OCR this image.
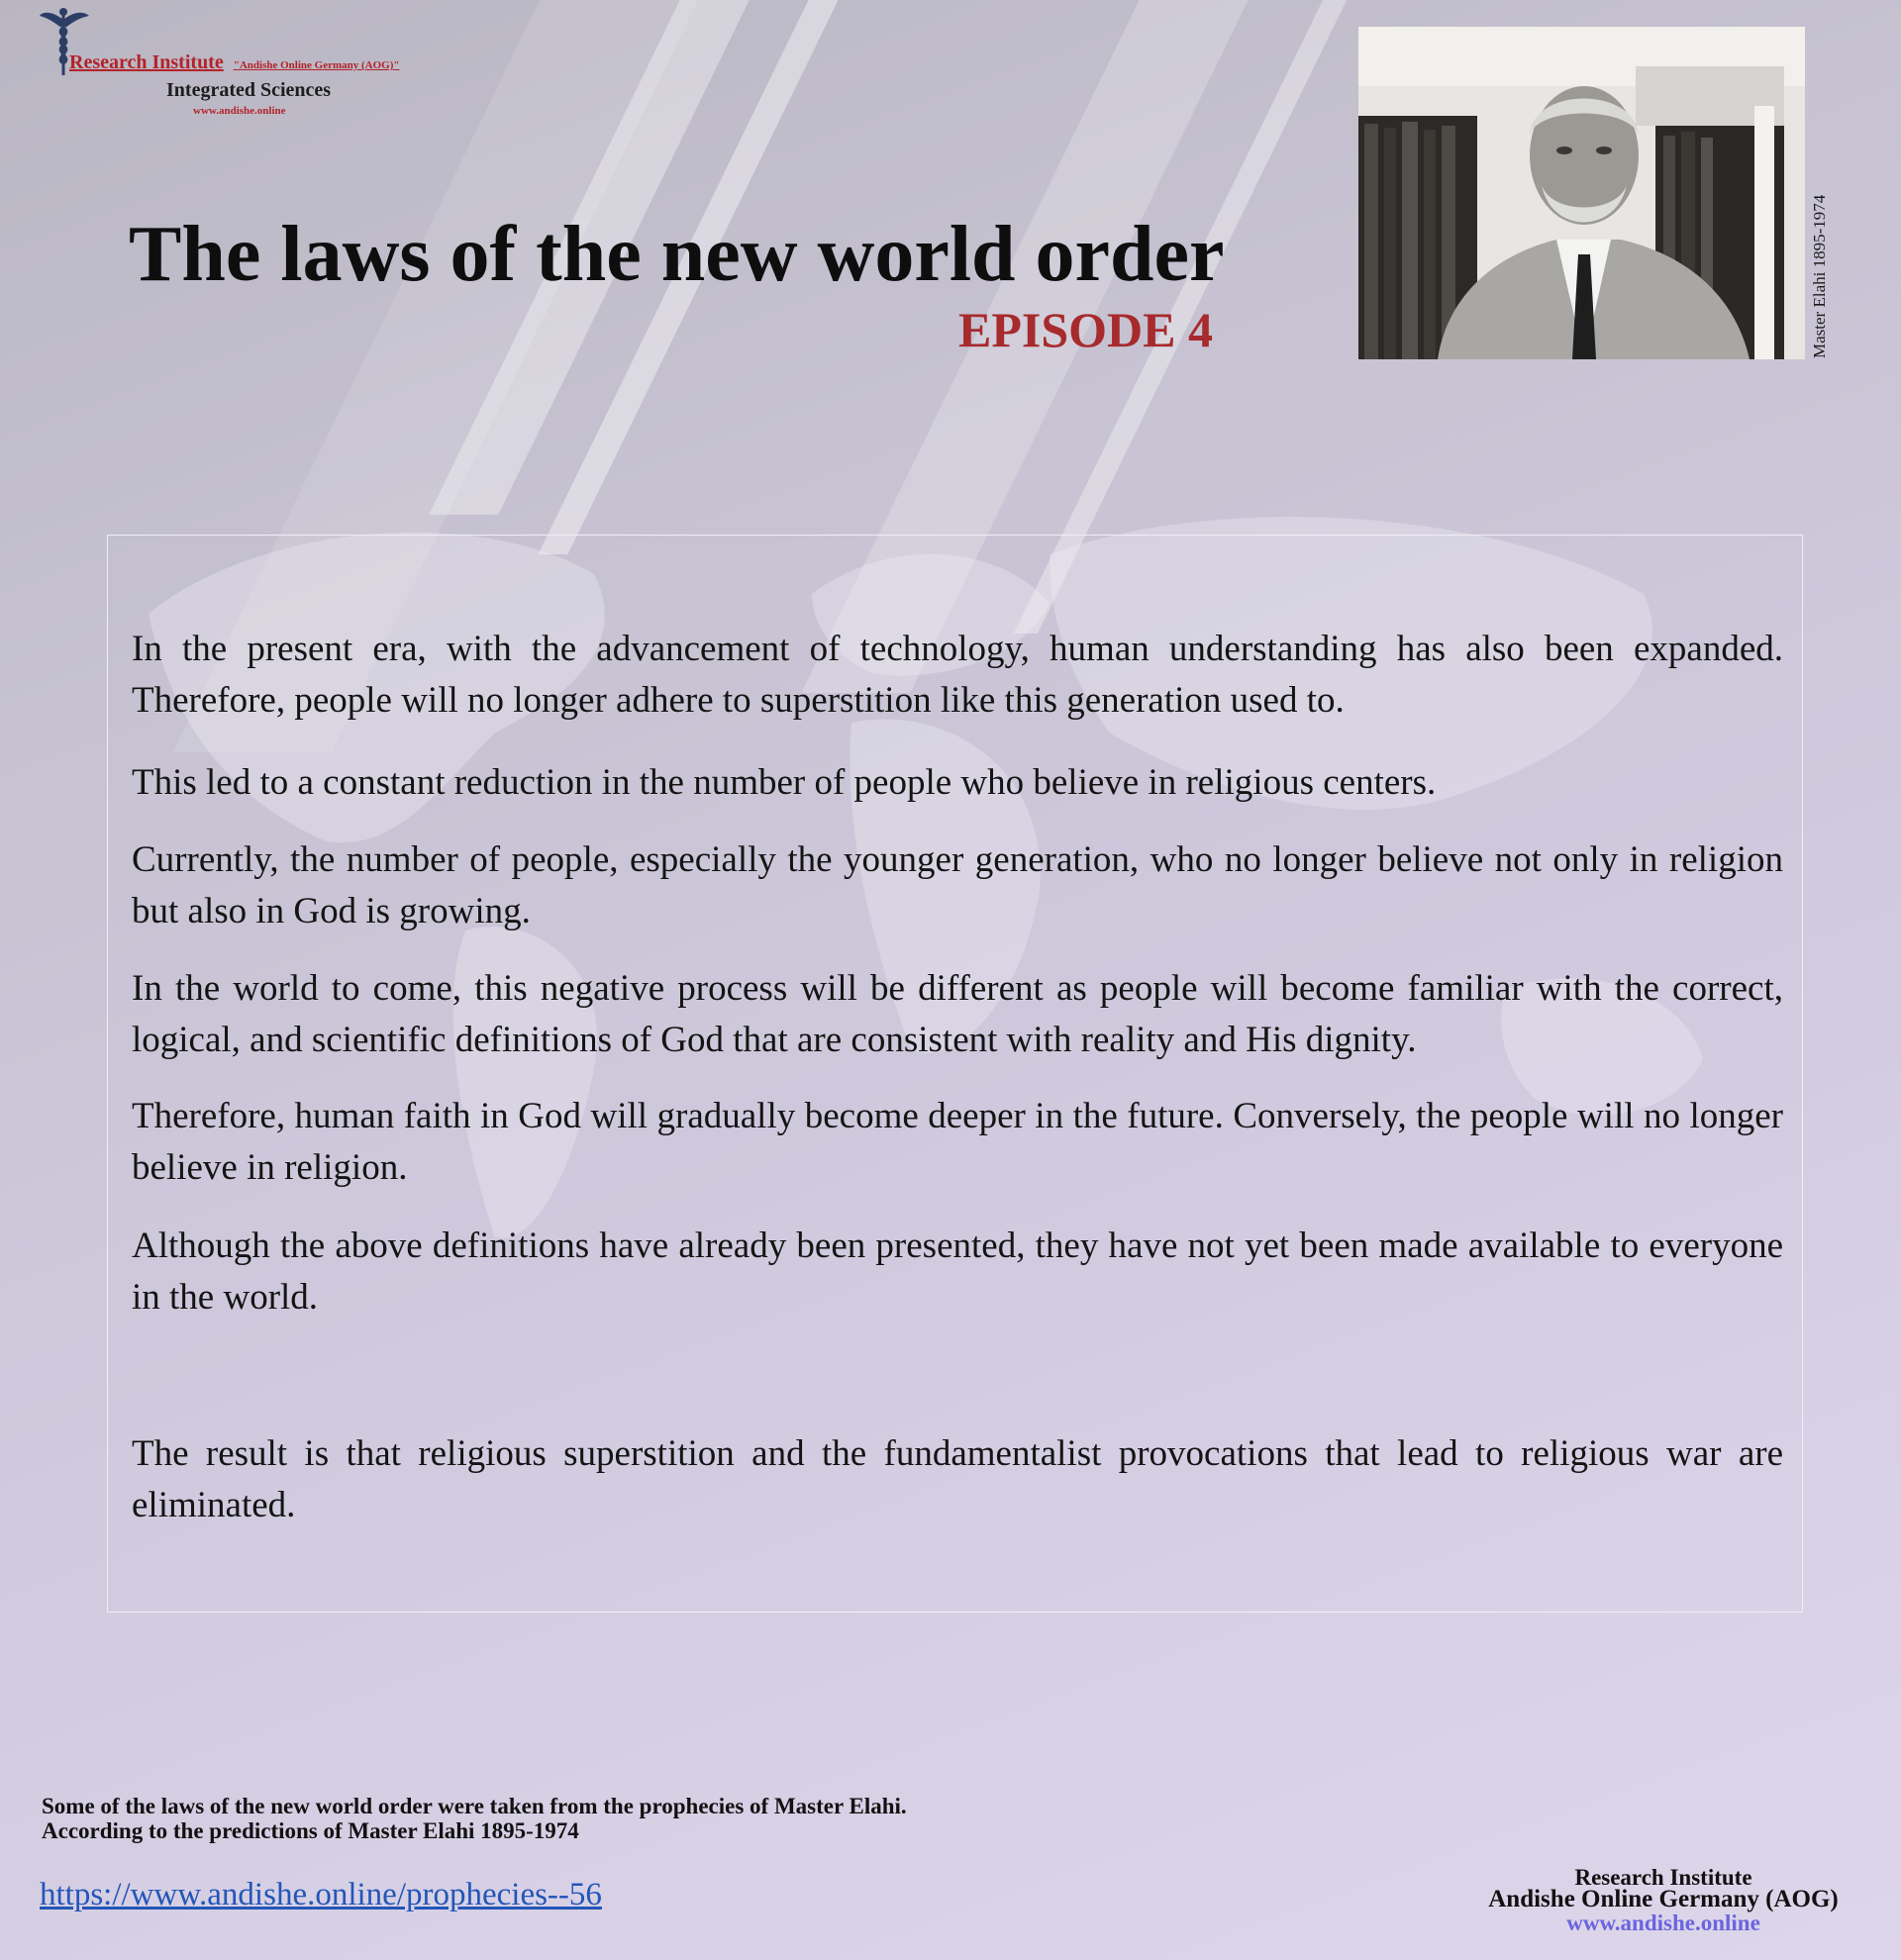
Research Institute "Andishe Online Germany (AOG)"
Integrated Sciences
www.andishe.online
The laws of the new world order
EPISODE 4	Master Elahi 1895-1974

In the present era, with the advancement of technology, human understanding has also been expanded. Therefore, people will no longer adhere to superstition like this generation used to.

This led to a constant reduction in the number of people who believe in religious centers.

Currently, the number of people, especially the younger generation, who no longer believe not only in religion but also in God is growing.

In the world to come, this negative process will be different as people will become familiar with the correct, logical, and scientific definitions of God that are consistent with reality and His dignity.

Therefore, human faith in God will gradually become deeper in the future. Conversely, the people will no longer believe in religion.

Although the above definitions have already been presented, they have not yet been made available to everyone in the world.

The result is that religious superstition and the fundamentalist provocations that lead to religious war are eliminated.

Some of the laws of the new world order were taken from the prophecies of Master Elahi.
According to the predictions of Master Elahi 1895-1974
https://www.andishe.online/prophecies--56	Research Institute
Andishe Online Germany (AOG)
www.andishe.online
